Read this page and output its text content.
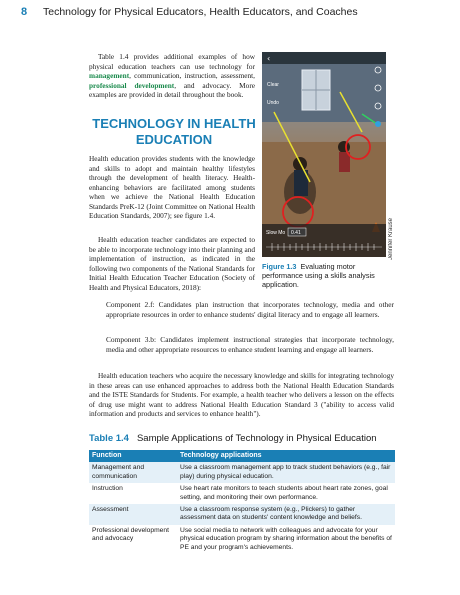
8 Technology for Physical Educators, Health Educators, and Coaches

Table 1.4 provides additional examples of how physical education teachers can use technology for management, communication, instruction, assessment, professional development, and advocacy. More examples are provided in detail throughout the book.

TECHNOLOGY IN HEALTH EDUCATION

Health education provides students with the knowledge and skills to adopt and maintain healthy lifestyles through the development of health literacy. Health-enhancing behaviors are facilitated among students when we achieve the National Health Education Standards PreK-12 (Joint Committee on National Health Education Standards, 2007); see figure 1.4.

Health education teacher candidates are expected to be able to incorporate technology into their planning and implementation of instruction, as indicated in the following two components of the National Standards for Initial Health Education Teacher Education (Society of Health and Physical Educators, 2018):

‹
Clear
Undo
Slow Mo 0.41	Jennifer Krause
Figure 1.3 Evaluating motor performance using a skills analysis application.

Component 2.f: Candidates plan instruction that incorporates technology, media and other appropriate resources in order to enhance students' digital literacy and to engage all learners.

Component 3.b: Candidates implement instructional strategies that incorporate technology, media and other appropriate resources to enhance student learning and engage all learners.

Health education teachers who acquire the necessary knowledge and skills for integrating technology in these areas can use enhanced approaches to address both the National Health Education Standards and the ISTE Standards for Students. For example, a health teacher who delivers a lesson on the effects of drug use might want to address National Health Education Standard 3 ("ability to access valid information and products and services to enhance health").

Table 1.4 Sample Applications of Technology in Physical Education
Function	Technology applications
Management and communication	Use a classroom management app to track student behaviors (e.g., fair play) during physical education.
Instruction	Use heart rate monitors to teach students about heart rate zones, goal setting, and monitoring their own performance.
Assessment	Use a classroom response system (e.g., Plickers) to gather assessment data on students' content knowledge and beliefs.
Professional development and advocacy	Use social media to network with colleagues and advocate for your physical education program by sharing information about the benefits of PE and your program's achievements.
